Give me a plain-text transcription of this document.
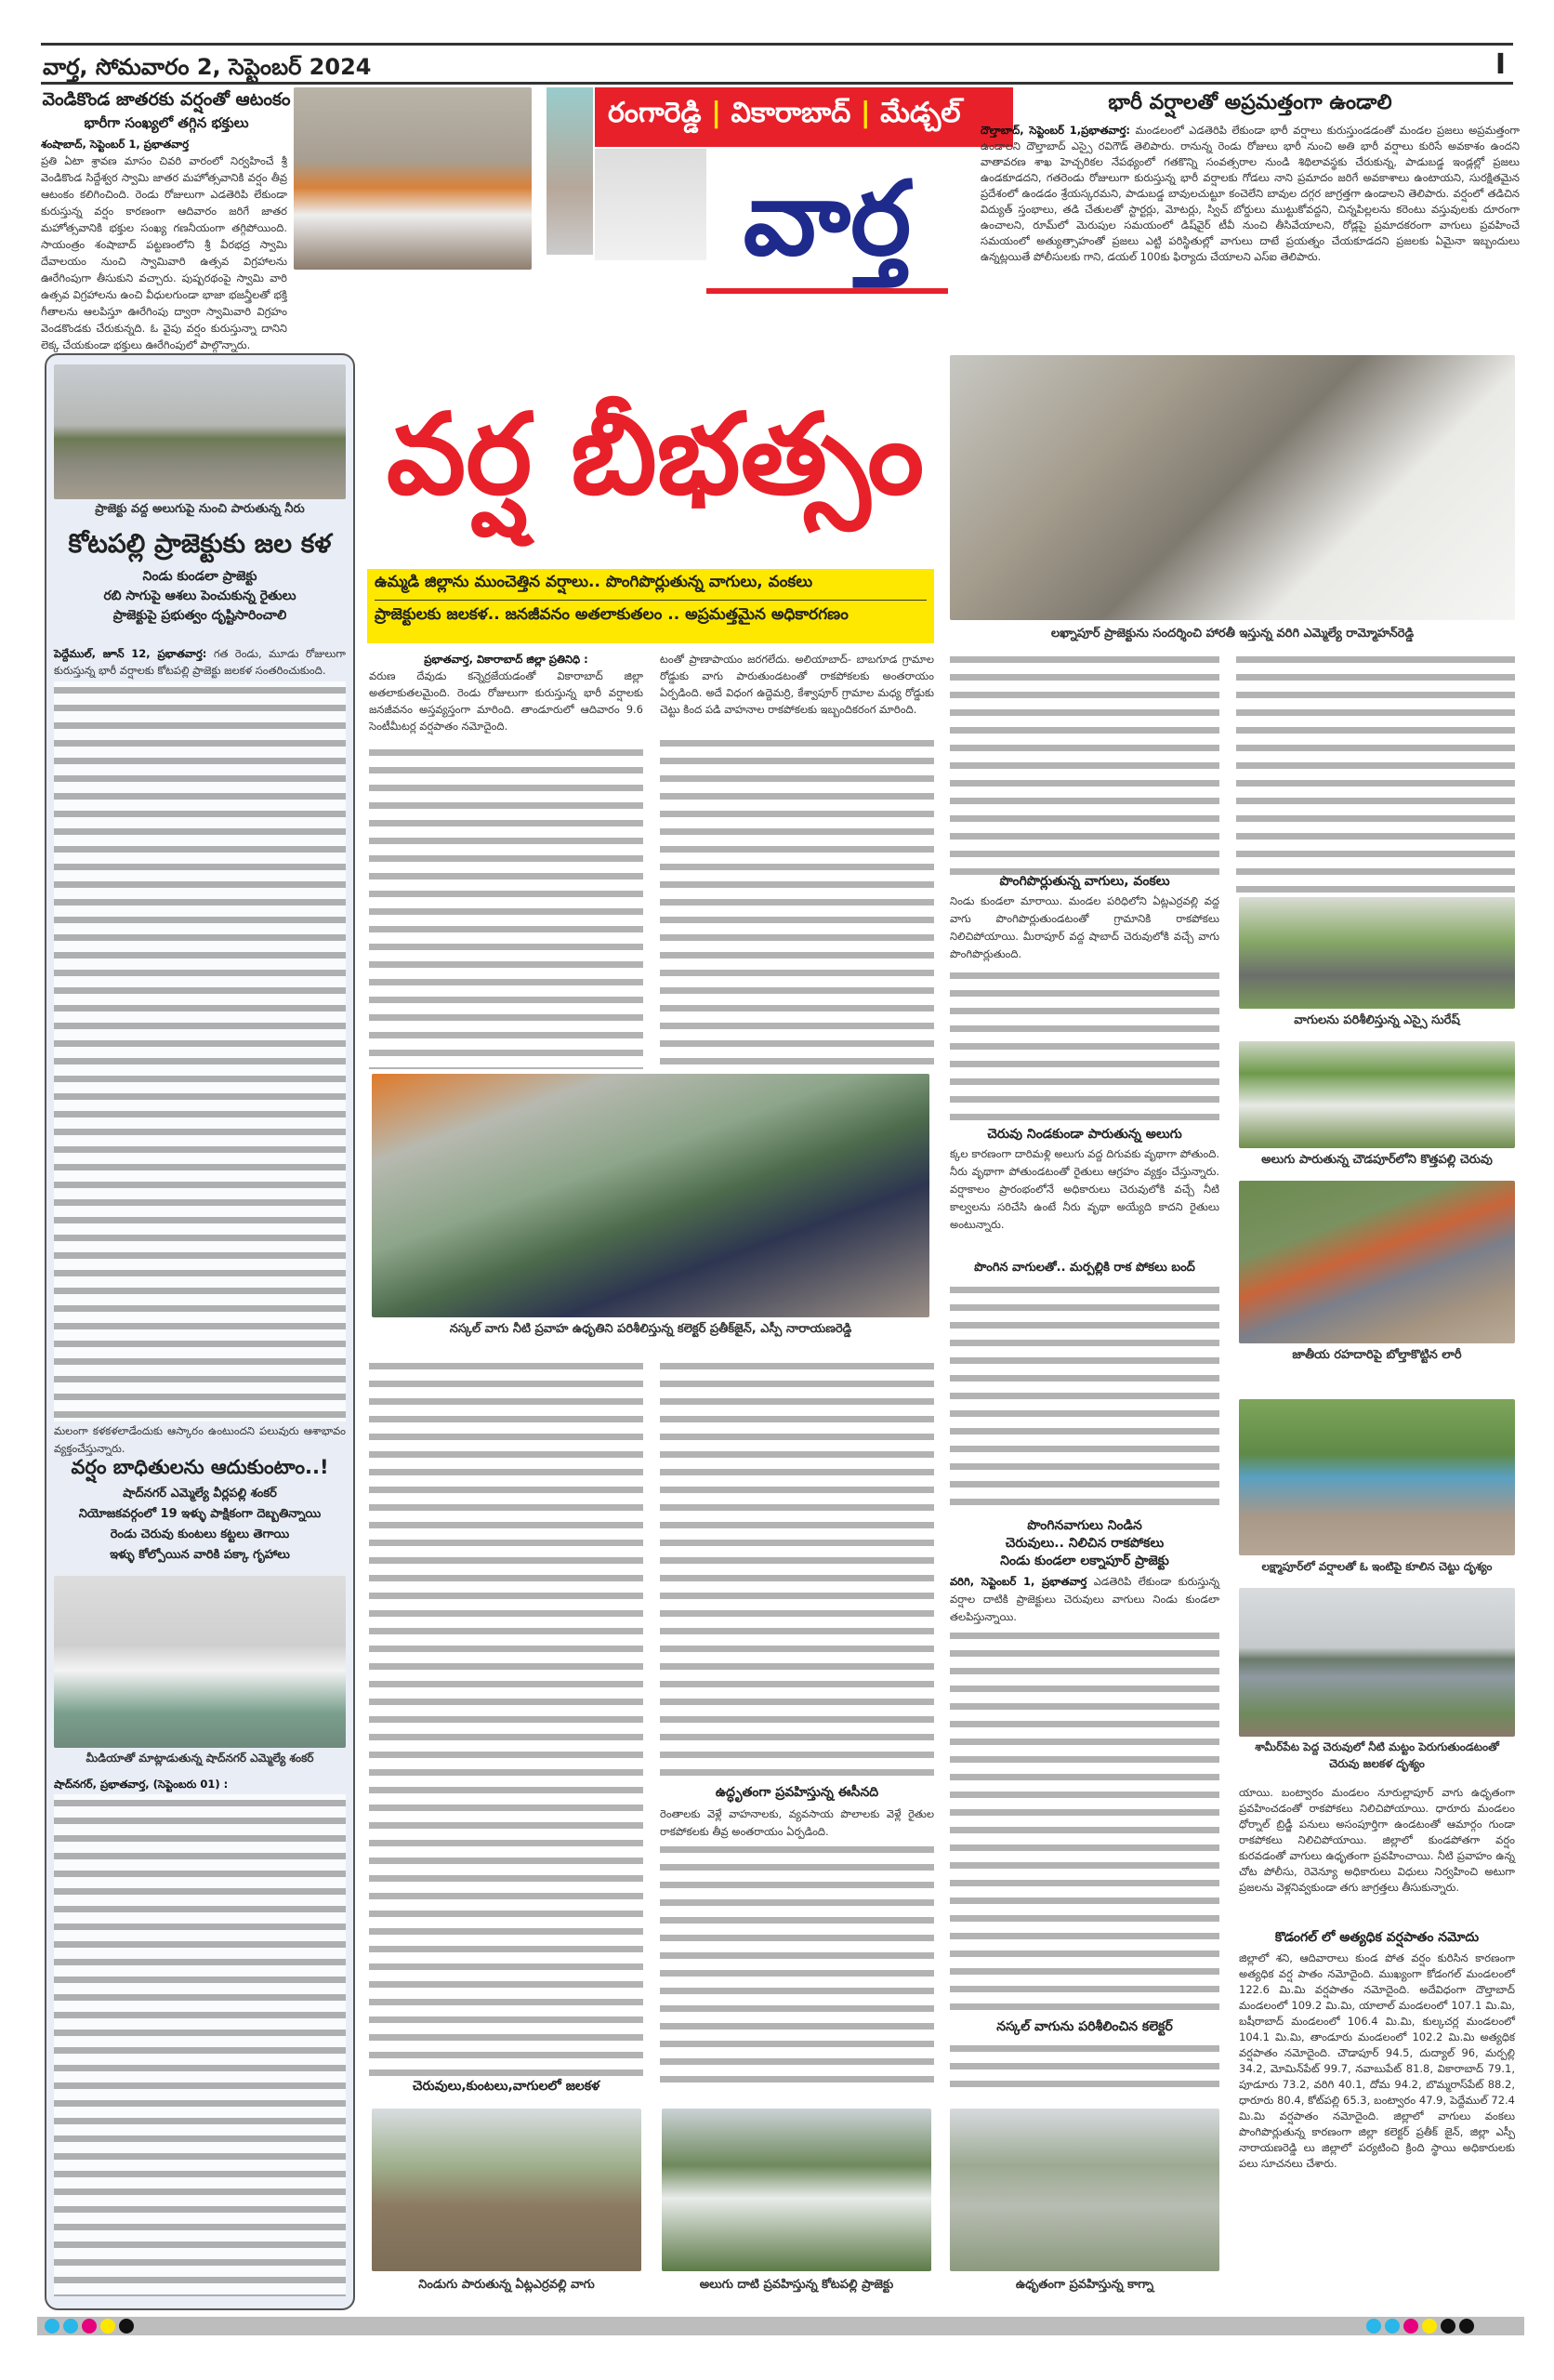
వార్త, సోమవారం 2, సెప్టెంబర్ 2024	I
వెండికొండ జాతరకు వర్షంతో ఆటంకం
భారీగా సంఖ్యలో తగ్గిన భక్తులు
శంషాబాద్, సెప్టెంబర్ 1, ప్రభాతవార్త
ప్రతి ఏటా శ్రావణ మాసం చివరి వారంలో నిర్వహించే శ్రీ వెండికొండ సిద్దేశ్వర స్వామి జాతర మహోత్సవానికి వర్షం తీవ్ర ఆటంకం కలిగించింది. రెండు రోజులుగా ఎడతెరిపి లేకుండా కురుస్తున్న వర్షం కారణంగా ఆదివారం జరిగే జాతర మహోత్సవానికి భక్తుల సంఖ్య గణనీయంగా తగ్గిపోయింది. సాయంత్రం శంషాబాద్ పట్టణంలోని శ్రీ వీరభద్ర స్వామి దేవాలయం నుంచి స్వామివారి ఉత్సవ విగ్రహాలను ఊరేగింపుగా తీసుకుని వచ్చారు. పుష్పరథంపై స్వామి వారి ఉత్సవ విగ్రహాలను ఉంచి వీధులగుండా భాజా భజన్త్రీలతో భక్తి గీతాలను ఆలపిస్తూ ఊరేగింపు ద్వారా స్వామివారి విగ్రహం వెండకొండకు చేరుకున్నది. ఓ వైపు వర్షం కురుస్తున్నా దానిని లెక్క చేయకుండా భక్తులు ఊరేగింపులో పాల్గొన్నారు.
రంగారెడ్డి | వికారాబాద్ | మేడ్చల్
వార్త
భారీ వర్షాలతో అప్రమత్తంగా ఉండాలి
దౌల్తాబాద్, సెప్టెంబర్ 1,ప్రభాతవార్త: మండలంలో ఎడతెరిపి లేకుండా భారీ వర్షాలు కురుస్తుండడంతో మండల ప్రజలు అప్రమత్తంగా ఉండాలని దౌల్తాబాద్ ఎస్సై రవిగౌడ్ తెలిపారు. రానున్న రెండు రోజులు భారీ నుంచి అతి భారీ వర్షాలు కురిసే అవకాశం ఉందని వాతావరణ శాఖ హెచ్చరికల నేపథ్యంలో గతకొన్ని సంవత్సరాల నుండి శిథిలావస్థకు చేరుకున్న, పాడుబడ్డ ఇండ్లల్లో ప్రజలు ఉండకూడదని, గతరెండు రోజులుగా కురుస్తున్న భారీ వర్షాలకు గోడలు నాని ప్రమాదం జరిగే అవకాశాలు ఉంటాయని, సురక్షితమైన ప్రదేశంలో ఉండడం శ్రేయస్కరమని, పాడుబడ్డ బావులచుట్టూ కంచెలేని బావుల దగ్గర జాగ్రత్తగా ఉండాలని తెలిపారు. వర్షంలో తడిచిన విద్యుత్ స్తంభాలు, తడి చేతులతో స్టార్టర్లు, మోటర్లు, స్విచ్ బోర్డులు ముట్టుకోవద్దని, చిన్నపిల్లలను కరెంటు వస్తువులకు దూరంగా ఉంచాలని, రూమ్‌లో మెరుపుల సమయంలో డిష్‌వైర్ టీవీ నుంచి తీసివేయాలని, రోడ్లపై ప్రమాదకరంగా వాగులు ప్రవహించే సమయంలో అత్యుత్సాహంతో ప్రజలు ఎట్టి పరిస్థితుల్లో వాగులు దాటే ప్రయత్నం చేయకూడదని ప్రజలకు ఏమైనా ఇబ్బందులు ఉన్నట్లయితే పోలీసులకు గాని, డయల్ 100కు ఫిర్యాదు చేయాలని ఎస్ఐ తెలిపారు.
ప్రాజెక్టు వద్ద అలుగుపై నుంచి పారుతున్న నీరు
కోటపల్లి ప్రాజెక్టుకు జల కళ
నిండు కుండలా ప్రాజెక్టు
రబి సాగుపై ఆశలు పెంచుకున్న రైతులు
ప్రాజెక్టుపై ప్రభుత్వం దృష్టిసారించాలి
పెద్దేముల్, జూన్ 12, ప్రభాతవార్త: గత రెండు, మూడు రోజులుగా కురుస్తున్న భారీ వర్షాలకు కోటపల్లి ప్రాజెక్టు జలకళ సంతరించుకుంది.
మలంగా కళకళలాడేందుకు ఆస్కారం ఉంటుందని పలువురు ఆశాభావం వ్యక్తంచేస్తున్నారు.
వర్షం బాధితులను ఆదుకుంటాం..!
షాద్‌నగర్ ఎమ్మెల్యే వీర్లపల్లి శంకర్
నియోజకవర్గంలో 19 ఇళ్ళు పాక్షికంగా దెబ్బతిన్నాయి
రెండు చెరువు కుంటలు కట్టలు తెగాయి
ఇళ్ళు కోల్పోయిన వారికి పక్కా గృహాలు
మీడియాతో మాట్లాడుతున్న షాద్‌నగర్ ఎమ్మెల్యే శంకర్
షాద్‌నగర్, ప్రభాతవార్త, (సెప్టెంబరు 01) :
వర్ష బీభత్సం
ఉమ్మడి జిల్లాను ముంచెత్తిన వర్షాలు.. పొంగిపొర్లుతున్న వాగులు, వంకలు
ప్రాజెక్టులకు జలకళ.. జనజీవనం అతలాకుతలం .. అప్రమత్తమైన అధికారగణం
ప్రభాతవార్త, వికారాబాద్ జిల్లా ప్రతినిధి :
వరుణ దేవుడు కన్నెర్రజేయడంతో వికారాబాద్ జిల్లా అతలాకుతలమైంది. రెండు రోజులుగా కురుస్తున్న భారీ వర్షాలకు జనజీవనం అస్తవ్యస్తంగా మారింది. తాండూరులో ఆదివారం 9.6 సెంటీమీటర్ల వర్షపాతం నమోదైంది.
టంతో ప్రాణాపాయం జరగలేదు. అలియాబాద్- బాబగూడ గ్రామాల రోడ్డుకు వాగు పారుతుండటంతో రాకపోకలకు అంతరాయం ఏర్పడింది. అదే విధంగ ఉద్దెమర్రి, కేశ్వాపూర్ గ్రామాల మధ్య రోడ్డుకు చెట్టు కింద పడి వాహనాల రాకపోకలకు ఇబ్బందికరంగ మారింది.
నస్కల్ వాగు నీటి ప్రవాహ ఉధృతిని పరిశీలిస్తున్న కలెక్టర్ ప్రతీక్‌జైన్, ఎస్పీ నారాయణరెడ్డి
ఉద్ధృతంగా ప్రవహిస్తున్న ఈసీనది
రెంతాలకు వెళ్లే వాహనాలకు, వ్యవసాయ పొలాలకు వెళ్లే రైతుల రాకపోకలకు తీవ్ర అంతరాయం ఏర్పడింది.
చెరువులు,కుంటలు,వాగులలో జలకళ
నిండుగు పారుతున్న ఏట్లఎర్రవల్లి వాగు	అలుగు దాటి ప్రవహిస్తున్న కోటపల్లి ప్రాజెక్టు	ఉధృతంగా ప్రవహిస్తున్న కాగ్నా
లఖ్నాపూర్ ప్రాజెక్టును సందర్శించి హారతీ ఇస్తున్న వరిగి ఎమ్మెల్యే రామ్మోహన్‌రెడ్డి
పొంగిపొర్లుతున్న వాగులు, వంకలు
నిండు కుండలా మారాయి. మండల పరిధిలోని ఏట్లఎర్రవల్లి వద్ద వాగు పొంగిపొర్లుతుండటంతో గ్రామానికి రాకపోకలు నిలిచిపోయాయి. మీరాపూర్ వద్ద షాబాద్ చెరువులోకి వచ్చే వాగు పొంగిపొర్లుతుంది.
చెరువు నిండకుండా పారుతున్న అలుగు
క్కల కారణంగా దారిమళ్లి అలుగు వద్ద దిగువకు వృథాగా పోతుంది. నీరు వృథాగా పోతుండటంతో రైతులు ఆగ్రహం వ్యక్తం చేస్తున్నారు. వర్షాకాలం ప్రారంభంలోనే అధికారులు చెరువులోకి వచ్చే నీటి కాల్వలను సరిచేసి ఉంటే నీరు వృథా అయ్యేది కాదని రైతులు అంటున్నారు.
పొంగిన వాగులతో.. మర్పల్లికి రాక పోకలు బంద్
పొంగినవాగులు నిండిన
చెరువులు.. నిలిచిన రాకపోకలు
నిండు కుండలా లక్నాపూర్ ప్రాజెక్టు
వరిగి, సెప్టెంబర్ 1, ప్రభాతవార్త ఎడతెరిపి లేకుండా కురుస్తున్న వర్షాల దాటికి ప్రాజెక్టులు చెరువులు వాగులు నిండు కుండలా తలపిస్తున్నాయి.
నస్కల్ వాగును పరిశీలించిన కలెక్టర్
వాగులను పరిశీలిస్తున్న ఎస్సై సురేష్
అలుగు పారుతున్న చౌడపూర్‌లోని కొత్తపల్లి చెరువు
జాతీయ రహదారిపై బోల్తాకొట్టిన లారీ
లక్ష్మాపూర్‌లో వర్షాలతో ఓ ఇంటిపై కూలిన చెట్టు దృశ్యం
శామీర్‌పేట పెద్ద చెరువులో నీటి మట్టం పెరుగుతుండటంతో చెరువు జలకళ దృశ్యం
యాయి. బంట్వారం మండలం నూరుల్లాపూర్ వాగు ఉధృతంగా ప్రవహించడంతో రాకపోకలు నిలిచిపోయాయి. ధారూరు మండలం ధోర్నాల్ బ్రిడ్జీ పనులు అసంపూర్తిగా ఉండటంతో ఆమార్గం గుండా రాకపోకలు నిలిచిపోయాయి. జిల్లాలో కుండపోతగా వర్షం కురవడంతో వాగులు ఉధృతంగా ప్రవహించాయి. నీటి ప్రవాహం ఉన్న చోట పోలీసు, రెవెన్యూ అధికారులు విధులు నిర్వహించి అటుగా ప్రజలను వెళ్లనివ్వకుండా తగు జాగ్రత్తలు తీసుకున్నారు.
కొడంగల్ లో అత్యధిక వర్షపాతం నమోదు
జిల్లాలో శని, ఆదివారాలు కుండ పోత వర్షం కురిసిన కారణంగా అత్యధిక వర్ష పాతం నమోదైంది. ముఖ్యంగా కోడంగల్ మండలంలో 122.6 మి.మి వర్షపాతం నమోదైంది. అదేవిధంగా దౌల్తాబాద్ మండలంలో 109.2 మి.మి, యాలాల్ మండలంలో 107.1 మి.మి, బషీరాబాద్ మండలంలో 106.4 మి.మి, కుల్కచర్ల మండలంలో 104.1 మి.మి, తాండూరు మండలంలో 102.2 మి.మి అత్యధిక వర్షపాతం నమోదైంది. చౌడాపూర్ 94.5, దుద్యాల్ 96, మర్పల్లి 34.2, మోమిన్‌పేట్ 99.7, నవాబుపేట్ 81.8, వికారాబాద్ 79.1, పూడూరు 73.2, వరిగి 40.1, దోమ 94.2, బొమ్మరాస్‌పేట్ 88.2, ధారూరు 80.4, కోట్‌పల్లి 65.3, బంట్వారం 47.9, పెద్దేముల్ 72.4 మి.మి వర్షపాతం నమోదైంది. జిల్లాలో వాగులు వంకలు పొంగిపొర్లుతున్న కారణంగా జిల్లా కలెక్టర్ ప్రతీక్ జైన్, జిల్లా ఎస్పీ నారాయణరెడ్డి లు జిల్లాలో పర్యటించి క్రింది స్థాయి అధికారులకు పలు సూచనలు చేశారు.
